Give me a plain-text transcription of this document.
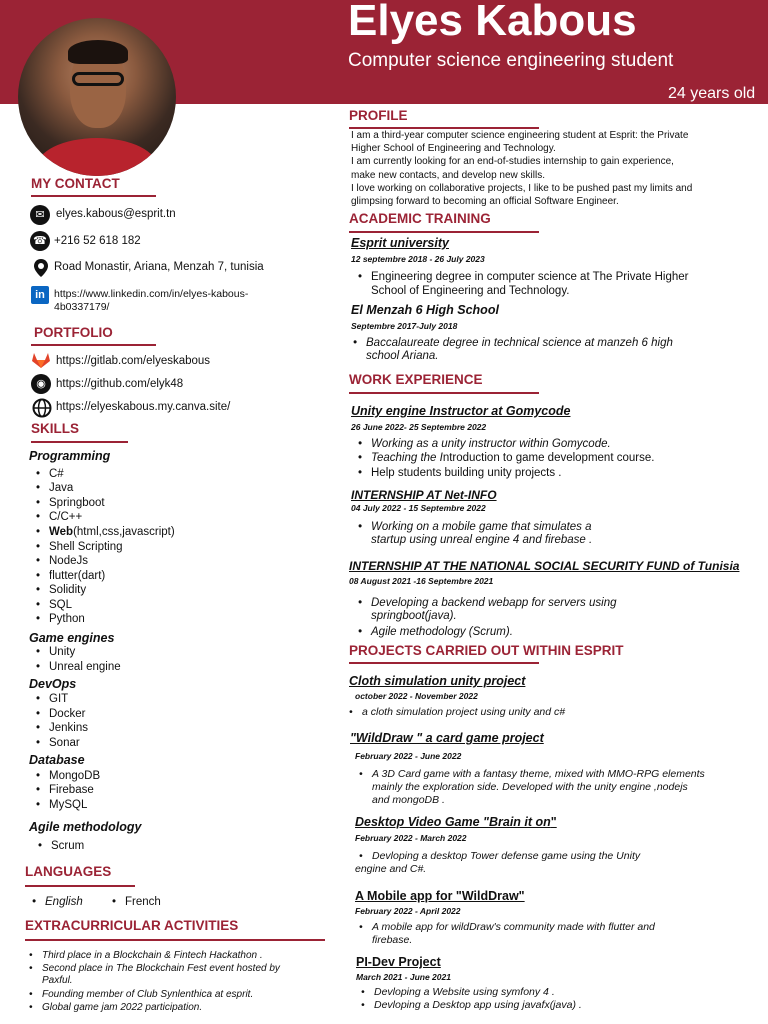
Elyes Kabous
Computer science engineering student
24 years old
MY CONTACT
✉ elyes.kabous@esprit.tn
☎ +216 52 618 182
Road Monastir, Ariana, Menzah 7, tunisia
in https://www.linkedin.com/in/elyes-kabous-
4b0337179/
PORTFOLIO
https://gitlab.com/elyeskabous
◉ https://github.com/elyk48
https://elyeskabous.my.canva.site/
SKILLS
Programming
• C#
• Java
• Springboot
• C/C++
• Web(html,css,javascript)
• Shell Scripting
• NodeJs
• flutter(dart)
• Solidity
• SQL
• Python
Game engines
• Unity
• Unreal engine
DevOps
• GIT
• Docker
• Jenkins
• Sonar
Database
• MongoDB
• Firebase
• MySQL
Agile methodology
• Scrum
LANGUAGES
• English
•	French
EXTRACURRICULAR ACTIVITIES
• Third place in a Blockchain & Fintech Hackathon .
• Second place in The Blockchain Fest event hosted by
Paxful.
• Founding member of Club Synlenthica at esprit.
• Global game jam 2022 participation.
PROFILE
I am a third-year computer science engineering student at Esprit: the Private
Higher School of Engineering and Technology.
I am currently looking for an end-of-studies internship to gain experience,
make new contacts, and develop new skills.
I love working on collaborative projects, I like to be pushed past my limits and
glimpsing forward to becoming an official Software Engineer.
ACADEMIC TRAINING
Esprit university
12 septembre 2018 - 26 July 2023
• Engineering degree in computer science at The Private Higher
School of Engineering and Technology.
El Menzah 6 High School
Septembre 2017-July 2018
• Baccalaureate degree in technical science at manzeh 6 high
school Ariana.
WORK EXPERIENCE
Unity engine Instructor at Gomycode
26 June 2022- 25 Septembre 2022
• Working as a unity instructor within Gomycode.
• Teaching the Introduction to game development course.
• Help students building unity projects .
INTERNSHIP AT Net-INFO
04 July 2022 - 15 Septembre 2022
• Working on a mobile game that simulates a
startup using unreal engine 4 and firebase .
INTERNSHIP AT THE NATIONAL SOCIAL SECURITY FUND of Tunisia
08 August 2021 -16 Septembre 2021
• Developing a backend webapp for servers using
springboot(java).
• Agile methodology (Scrum).
PROJECTS CARRIED OUT WITHIN ESPRIT
Cloth simulation unity project
october 2022 - November 2022
• a cloth simulation project using unity and c#
"WildDraw " a card game project
February 2022 - June 2022
• A 3D Card game with a fantasy theme, mixed with MMO-RPG elements
mainly the exploration side. Developed with the unity engine ,nodejs
and mongoDB .
Desktop Video Game "Brain it on"
February 2022 - March 2022
• Devloping a desktop Tower defense game using the Unity
engine and C#.
A Mobile app for "WildDraw"
February 2022 - April 2022
• A mobile app for wildDraw's community made with flutter and
firebase.
PI-Dev Project
March 2021 - June 2021
• Devloping a Website using symfony 4 .
• Devloping a Desktop app using javafx(java) .
